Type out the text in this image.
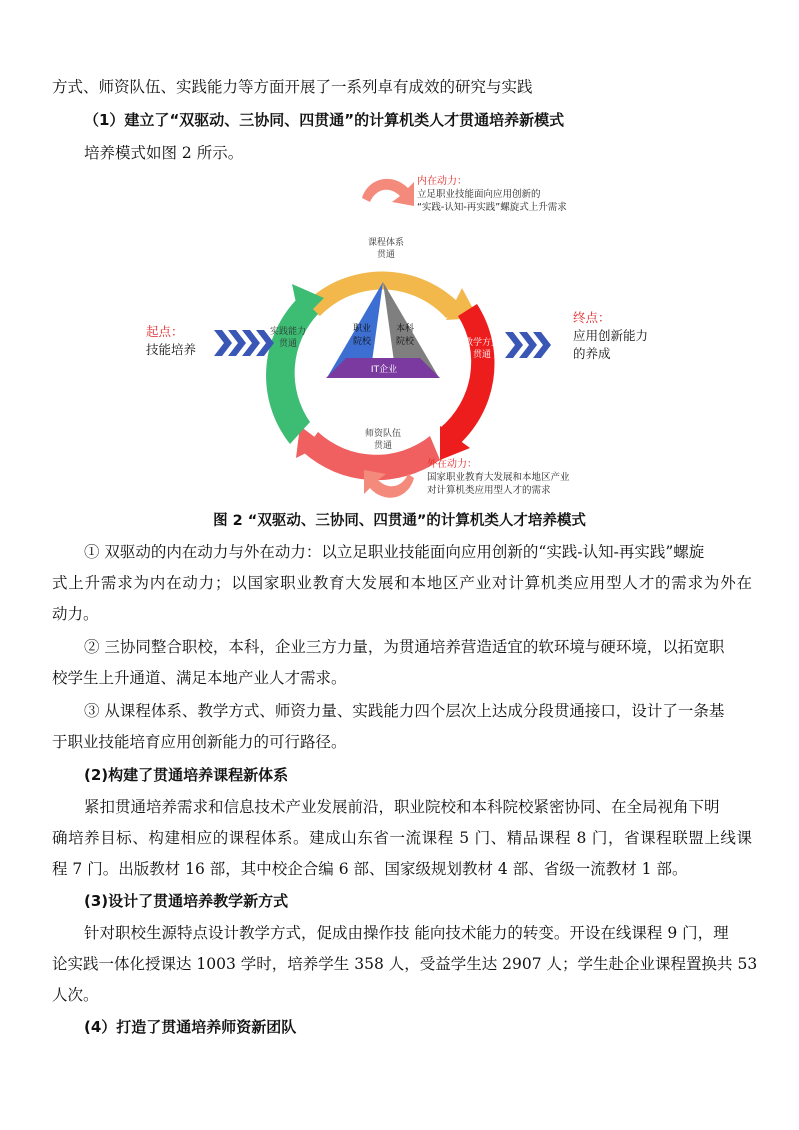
方式、师资队伍、实践能力等方面开展了一系列卓有成效的研究与实践
（1）建立了“双驱动、三协同、四贯通”的计算机类人才贯通培养新模式
培养模式如图 2 所示。
内在动力：
立足职业技能面向应用创新的
“实践-认知-再实践”螺旋式上升需求
课程体系
贯通
教学方式
贯通
师资队伍
贯通
实践能力
贯通
职业
院校
本科
院校
IT企业
起点：
技能培养
终点：
应用创新能力
的养成
外在动力：
国家职业教育大发展和本地区产业
对计算机类应用型人才的需求
图 2 “双驱动、三协同、四贯通”的计算机类人才培养模式
① 双驱动的内在动力与外在动力：以立足职业技能面向应用创新的“实践-认知-再实践”螺旋
式上升需求为内在动力；以国家职业教育大发展和本地区产业对计算机类应用型人才的需求为外在
动力。
② 三协同整合职校，本科，企业三方力量，为贯通培养营造适宜的软环境与硬环境，以拓宽职
校学生上升通道、满足本地产业人才需求。
③ 从课程体系、教学方式、师资力量、实践能力四个层次上达成分段贯通接口，设计了一条基
于职业技能培育应用创新能力的可行路径。
(2)构建了贯通培养课程新体系
紧扣贯通培养需求和信息技术产业发展前沿，职业院校和本科院校紧密协同、在全局视角下明
确培养目标、构建相应的课程体系。建成山东省一流课程 5 门、精品课程 8 门，省课程联盟上线课
程 7 门。出版教材 16 部，其中校企合编 6 部、国家级规划教材 4 部、省级一流教材 1 部。
(3)设计了贯通培养教学新方式
针对职校生源特点设计教学方式，促成由操作技 能向技术能力的转变。开设在线课程 9 门，理
论实践一体化授课达 1003 学时，培养学生 358 人，受益学生达 2907 人；学生赴企业课程置换共 53
人次。
(4）打造了贯通培养师资新团队
